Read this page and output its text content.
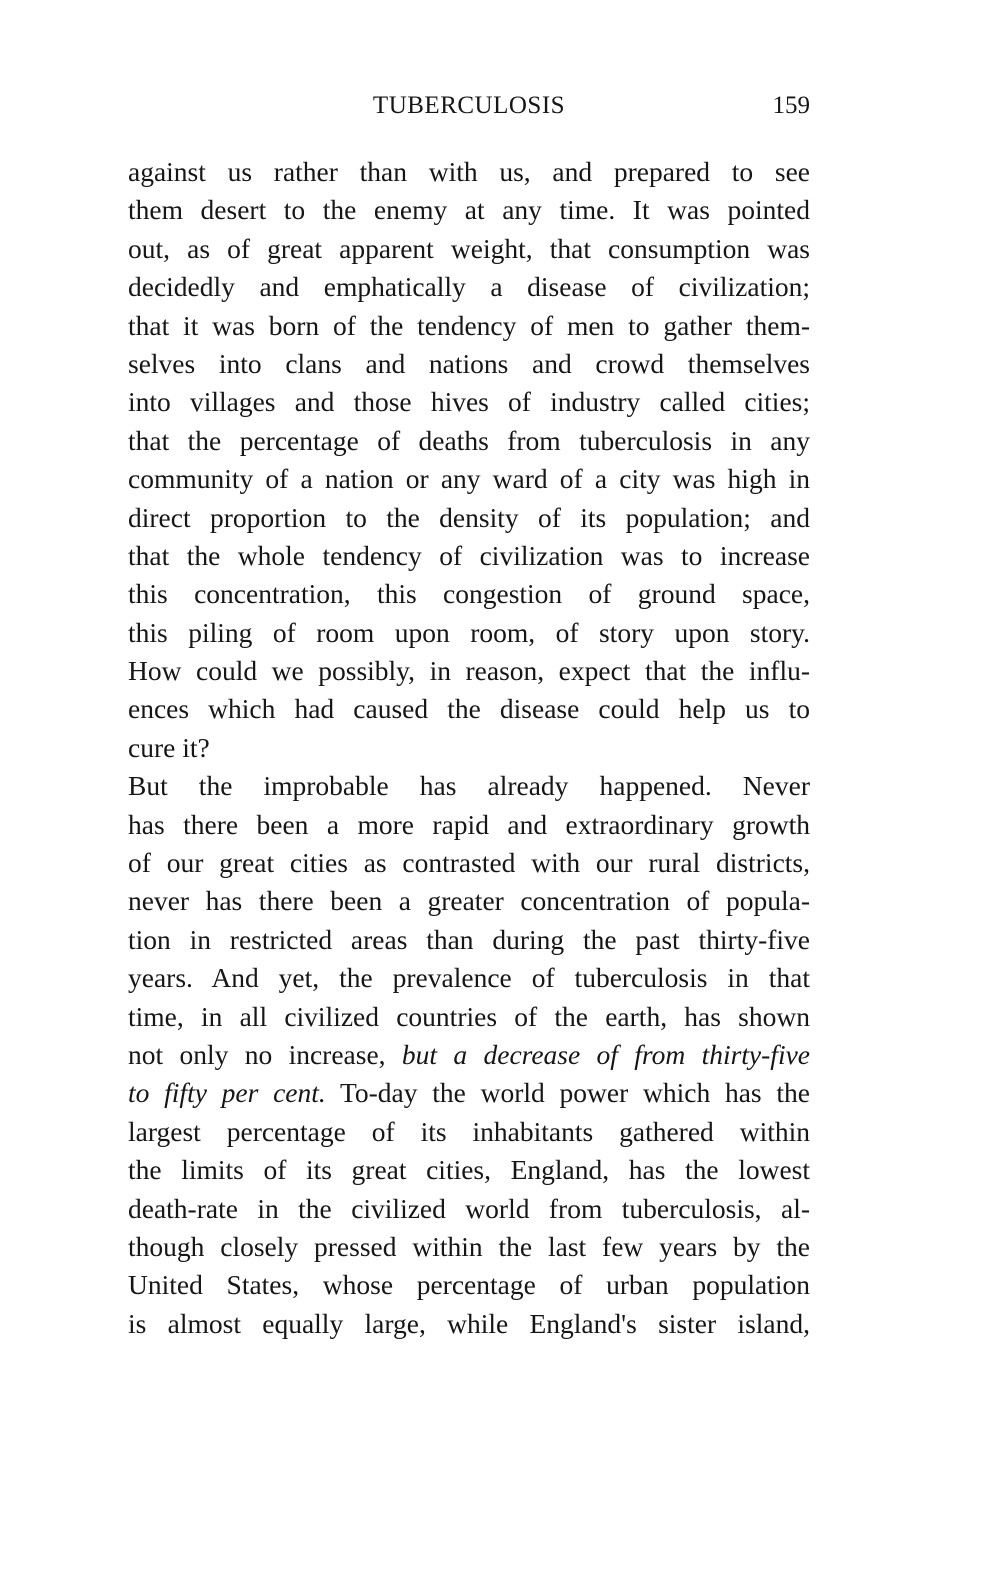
TUBERCULOSIS	159
against us rather than with us, and prepared to see
them desert to the enemy at any time. It was pointed
out, as of great apparent weight, that consumption was
decidedly and emphatically a disease of civilization;
that it was born of the tendency of men to gather them-
selves into clans and nations and crowd themselves
into villages and those hives of industry called cities;
that the percentage of deaths from tuberculosis in any
community of a nation or any ward of a city was high in
direct proportion to the density of its population; and
that the whole tendency of civilization was to increase
this concentration, this congestion of ground space,
this piling of room upon room, of story upon story.
How could we possibly, in reason, expect that the influ-
ences which had caused the disease could help us to
cure it?
But the improbable has already happened. Never
has there been a more rapid and extraordinary growth
of our great cities as contrasted with our rural districts,
never has there been a greater concentration of popula-
tion in restricted areas than during the past thirty-five
years. And yet, the prevalence of tuberculosis in that
time, in all civilized countries of the earth, has shown
not only no increase, but a decrease of from thirty-five
to fifty per cent. To-day the world power which has the
largest percentage of its inhabitants gathered within
the limits of its great cities, England, has the lowest
death-rate in the civilized world from tuberculosis, al-
though closely pressed within the last few years by the
United States, whose percentage of urban population
is almost equally large, while England's sister island,
